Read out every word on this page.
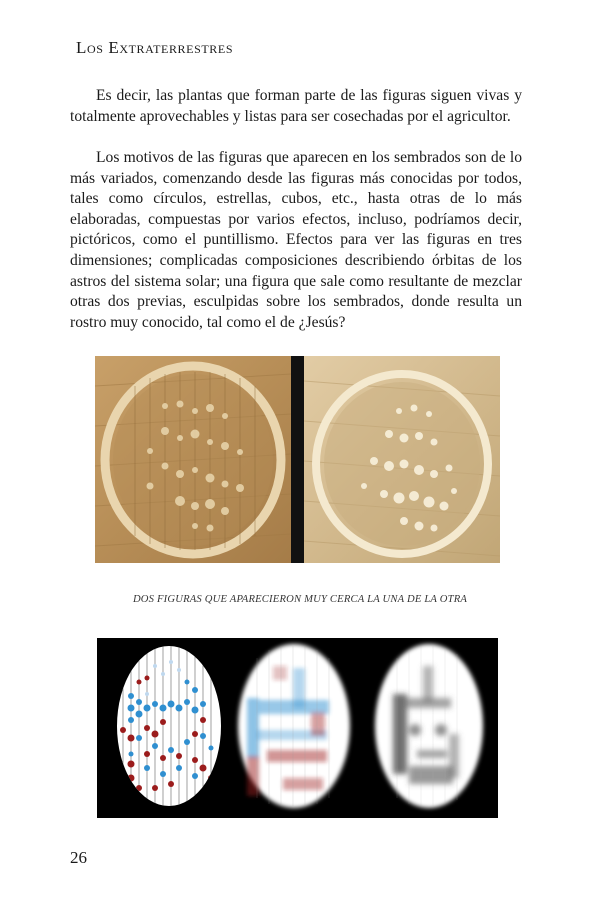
Los Extraterrestres

Es decir, las plantas que forman parte de las figuras siguen vivas y totalmente aprovechables y listas para ser cosechadas por el agricultor.

Los motivos de las figuras que aparecen en los sembrados son de lo más variados, comenzando desde las figuras más conocidas por todos, tales como círculos, estrellas, cubos, etc., hasta otras de lo más elaboradas, compuestas por varios efectos, incluso, podríamos decir, pictóricos, como el puntillismo. Efectos para ver las figuras en tres dimensiones; complicadas composiciones describiendo órbitas de los astros del sistema solar; una figura que sale como resultante de mezclar otras dos previas, esculpidas sobre los sembrados, donde resulta un rostro muy conocido, tal como el de ¿Jesús?

DOS FIGURAS QUE APARECIERON MUY CERCA LA UNA DE LA OTRA
26
